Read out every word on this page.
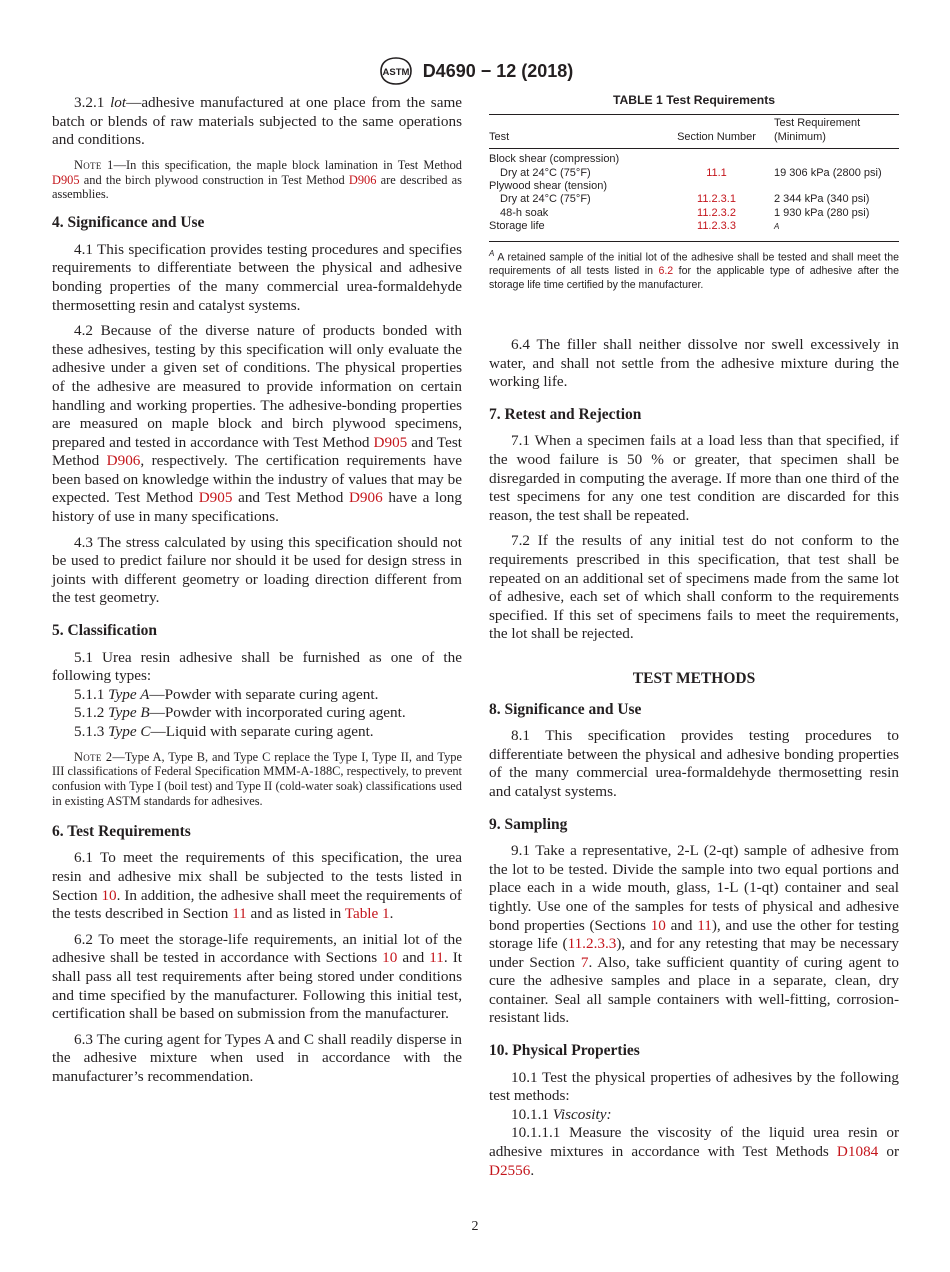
ASTM D4690 − 12 (2018)

3.2.1 lot—adhesive manufactured at one place from the same batch or blends of raw materials subjected to the same operations and conditions.

Note 1—In this specification, the maple block lamination in Test Method D905 and the birch plywood construction in Test Method D906 are described as assemblies.
4. Significance and Use

4.1 This specification provides testing procedures and specifies requirements to differentiate between the physical and adhesive bonding properties of the many commercial urea-formaldehyde thermosetting resin and catalyst systems.

4.2 Because of the diverse nature of products bonded with these adhesives, testing by this specification will only evaluate the adhesive under a given set of conditions. The physical properties of the adhesive are measured to provide information on certain handling and working properties. The adhesive-bonding properties are measured on maple block and birch plywood specimens, prepared and tested in accordance with Test Method D905 and Test Method D906, respectively. The certification requirements have been based on knowledge within the industry of values that may be expected. Test Method D905 and Test Method D906 have a long history of use in many specifications.

4.3 The stress calculated by using this specification should not be used to predict failure nor should it be used for design stress in joints with different geometry or loading direction different from the test geometry.

5. Classification

5.1 Urea resin adhesive shall be furnished as one of the following types:

5.1.1 Type A—Powder with separate curing agent.

5.1.2 Type B—Powder with incorporated curing agent.

5.1.3 Type C—Liquid with separate curing agent.

Note 2—Type A, Type B, and Type C replace the Type I, Type II, and Type III classifications of Federal Specification MMM-A-188C, respectively, to prevent confusion with Type I (boil test) and Type II (cold-water soak) classifications used in existing ASTM standards for adhesives.
6. Test Requirements

6.1 To meet the requirements of this specification, the urea resin and adhesive mix shall be subjected to the tests listed in Section 10. In addition, the adhesive shall meet the requirements of the tests described in Section 11 and as listed in Table 1.

6.2 To meet the storage-life requirements, an initial lot of the adhesive shall be tested in accordance with Sections 10 and 11. It shall pass all test requirements after being stored under conditions and time specified by the manufacturer. Following this initial test, certification shall be based on submission from the manufacturer.

6.3 The curing agent for Types A and C shall readily disperse in the adhesive mixture when used in accordance with the manufacturer’s recommendation.

TABLE 1 Test Requirements
Test	Section Number	Test Requirement (Minimum)
Block shear (compression)		
Dry at 24°C (75°F)	11.1	19 306 kPa (2800 psi)
Plywood shear (tension)		
Dry at 24°C (75°F)	11.2.3.1	2 344 kPa (340 psi)
48-h soak	11.2.3.2	1 930 kPa (280 psi)
Storage life	11.2.3.3	$^A$
$^A$ A retained sample of the initial lot of the adhesive shall be tested and shall meet the requirements of all tests listed in 6.2 for the applicable type of adhesive after the storage life time certified by the manufacturer.

6.4 The filler shall neither dissolve nor swell excessively in water, and shall not settle from the adhesive mixture during the working life.

7. Retest and Rejection

7.1 When a specimen fails at a load less than that specified, if the wood failure is 50 % or greater, that specimen shall be disregarded in computing the average. If more than one third of the test specimens for any one test condition are discarded for this reason, the test shall be repeated.

7.2 If the results of any initial test do not conform to the requirements prescribed in this specification, that test shall be repeated on an additional set of specimens made from the same lot of adhesive, each set of which shall conform to the requirements specified. If this set of specimens fails to meet the requirements, the lot shall be rejected.

TEST METHODS
8. Significance and Use

8.1 This specification provides testing procedures to differentiate between the physical and adhesive bonding properties of the many commercial urea-formaldehyde thermosetting resin and catalyst systems.

9. Sampling

9.1 Take a representative, 2-L (2-qt) sample of adhesive from the lot to be tested. Divide the sample into two equal portions and place each in a wide mouth, glass, 1-L (1-qt) container and seal tightly. Use one of the samples for tests of physical and adhesive bond properties (Sections 10 and 11), and use the other for testing storage life (11.2.3.3), and for any retesting that may be necessary under Section 7. Also, take sufficient quantity of curing agent to cure the adhesive samples and place in a separate, clean, dry container. Seal all sample containers with well-fitting, corrosion-resistant lids.

10. Physical Properties

10.1 Test the physical properties of adhesives by the following test methods:

10.1.1 Viscosity:

10.1.1.1 Measure the viscosity of the liquid urea resin or adhesive mixtures in accordance with Test Methods D1084 or D2556.

2
